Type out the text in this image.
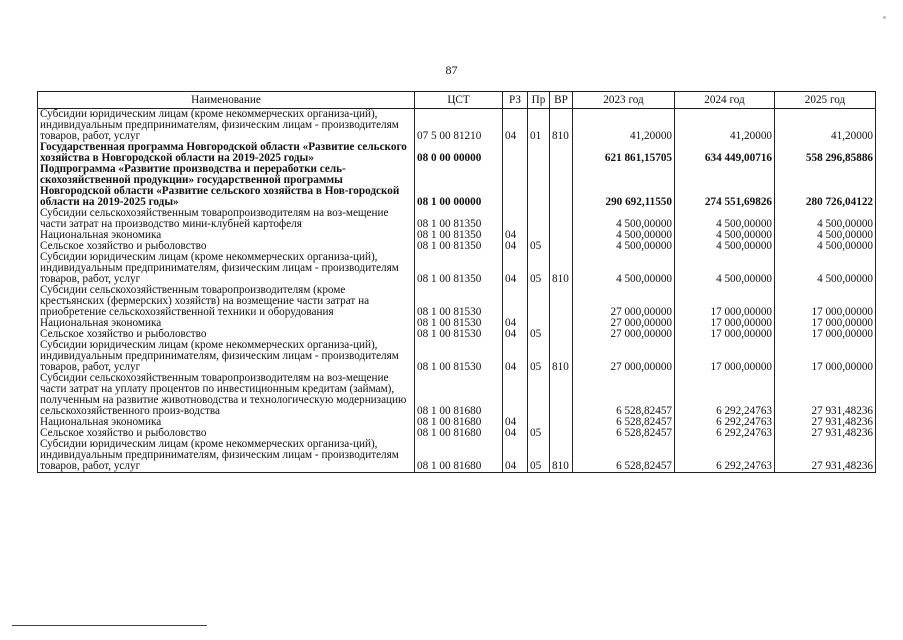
87
Наименование	ЦСТ	РЗ	Пр	ВР	2023 год	2024 год	2025 год
Субсидии юридическим лицам (кроме некоммерческих организа-ций), индивидуальным предпринимателям, физическим лицам - производителям товаров, работ, услуг	07 5 00 81210	04	01	810	41,20000	41,20000	41,20000
Государственная программа Новгородской области «Развитие сельского хозяйства в Новгородской области на 2019-2025 годы»	08 0 00 00000				621 861,15705	634 449,00716	558 296,85886
Подпрограмма «Развитие производства и переработки сель-скохозяйственной продукции» государственной программы Новгородской области «Развитие сельского хозяйства в Нов-городской области на 2019-2025 годы»	08 1 00 00000				290 692,11550	274 551,69826	280 726,04122
Субсидии сельскохозяйственным товаропроизводителям на воз-мещение части затрат на производство мини-клубней картофеля	08 1 00 81350				4 500,00000	4 500,00000	4 500,00000
Национальная экономика	08 1 00 81350	04			4 500,00000	4 500,00000	4 500,00000
Сельское хозяйство и рыболовство	08 1 00 81350	04	05		4 500,00000	4 500,00000	4 500,00000
Субсидии юридическим лицам (кроме некоммерческих организа-ций), индивидуальным предпринимателям, физическим лицам - производителям товаров, работ, услуг	08 1 00 81350	04	05	810	4 500,00000	4 500,00000	4 500,00000
Субсидии сельскохозяйственным товаропроизводителям (кроме крестьянских (фермерских) хозяйств) на возмещение части затрат на приобретение сельскохозяйственной техники и оборудования	08 1 00 81530				27 000,00000	17 000,00000	17 000,00000
Национальная экономика	08 1 00 81530	04			27 000,00000	17 000,00000	17 000,00000
Сельское хозяйство и рыболовство	08 1 00 81530	04	05		27 000,00000	17 000,00000	17 000,00000
Субсидии юридическим лицам (кроме некоммерческих организа-ций), индивидуальным предпринимателям, физическим лицам - производителям товаров, работ, услуг	08 1 00 81530	04	05	810	27 000,00000	17 000,00000	17 000,00000
Субсидии сельскохозяйственным товаропроизводителям на воз-мещение части затрат на уплату процентов по инвестиционным кредитам (займам), полученным на развитие животноводства и технологическую модернизацию сельскохозяйственного произ-водства	08 1 00 81680				6 528,82457	6 292,24763	27 931,48236
Национальная экономика	08 1 00 81680	04			6 528,82457	6 292,24763	27 931,48236
Сельское хозяйство и рыболовство	08 1 00 81680	04	05		6 528,82457	6 292,24763	27 931,48236
Субсидии юридическим лицам (кроме некоммерческих организа-ций), индивидуальным предпринимателям, физическим лицам - производителям товаров, работ, услуг	08 1 00 81680	04	05	810	6 528,82457	6 292,24763	27 931,48236
